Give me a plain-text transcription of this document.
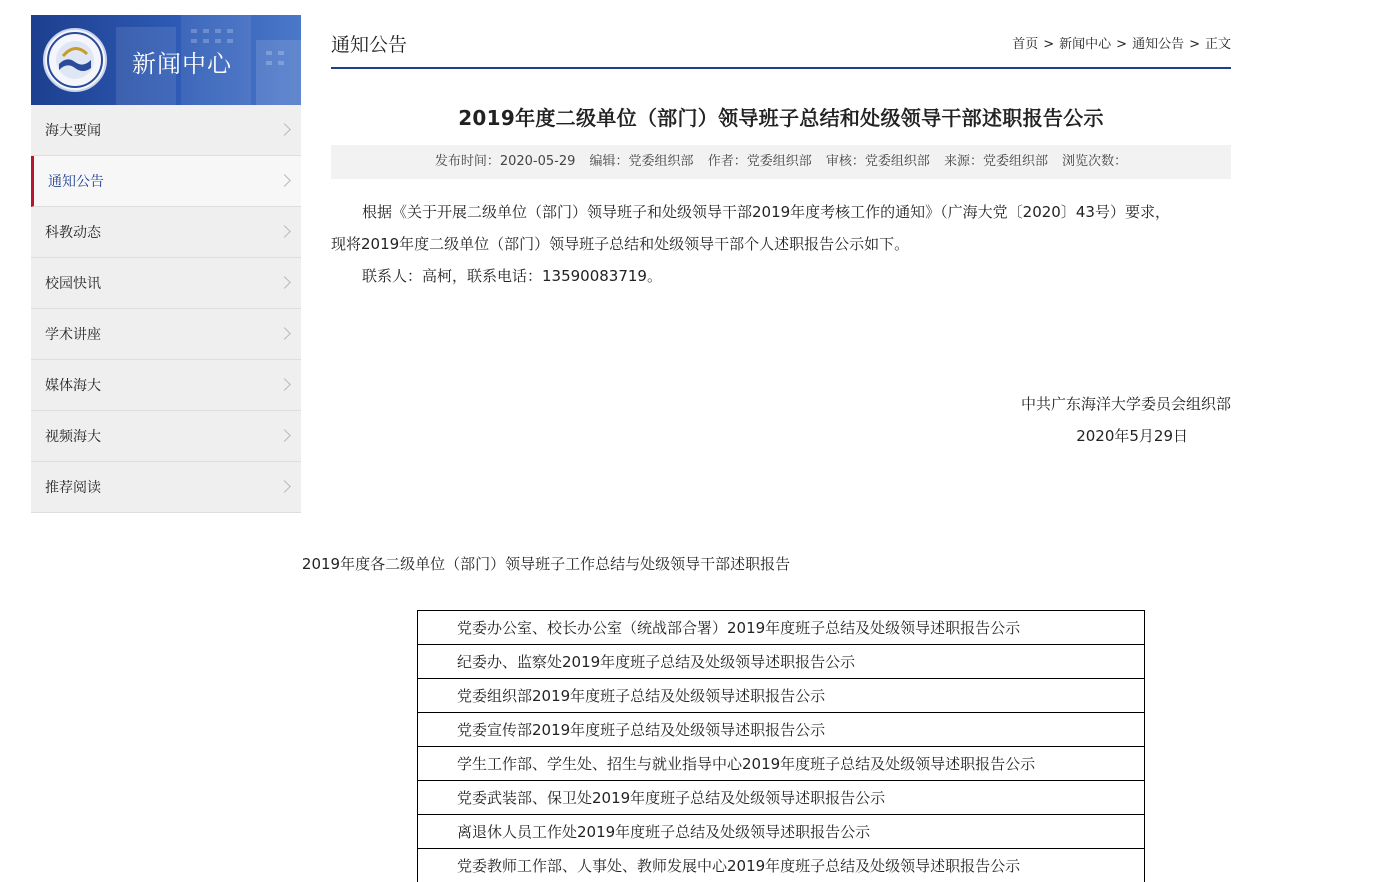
新闻中心
海大要闻
通知公告
科教动态
校园快讯
学术讲座
媒体海大
视频海大
推荐阅读
通知公告	首页 > 新闻中心 > 通知公告 > 正文
2019年度二级单位（部门）领导班子总结和处级领导干部述职报告公示
发布时间：2020-05-29 编辑：党委组织部 作者：党委组织部 审核：党委组织部 来源：党委组织部 浏览次数：

根据《关于开展二级单位（部门）领导班子和处级领导干部2019年度考核工作的通知》（广海大党〔2020〕43号）要求，

现将2019年度二级单位（部门）领导班子总结和处级领导干部个人述职报告公示如下。

联系人：高柯，联系电话：13590083719。

中共广东海洋大学委员会组织部
2020年5月29日
2019年度各二级单位（部门）领导班子工作总结与处级领导干部述职报告
党委办公室、校长办公室（统战部合署）2019年度班子总结及处级领导述职报告公示
纪委办、监察处2019年度班子总结及处级领导述职报告公示
党委组织部2019年度班子总结及处级领导述职报告公示
党委宣传部2019年度班子总结及处级领导述职报告公示
学生工作部、学生处、招生与就业指导中心2019年度班子总结及处级领导述职报告公示
党委武装部、保卫处2019年度班子总结及处级领导述职报告公示
离退休人员工作处2019年度班子总结及处级领导述职报告公示
党委教师工作部、人事处、教师发展中心2019年度班子总结及处级领导述职报告公示
